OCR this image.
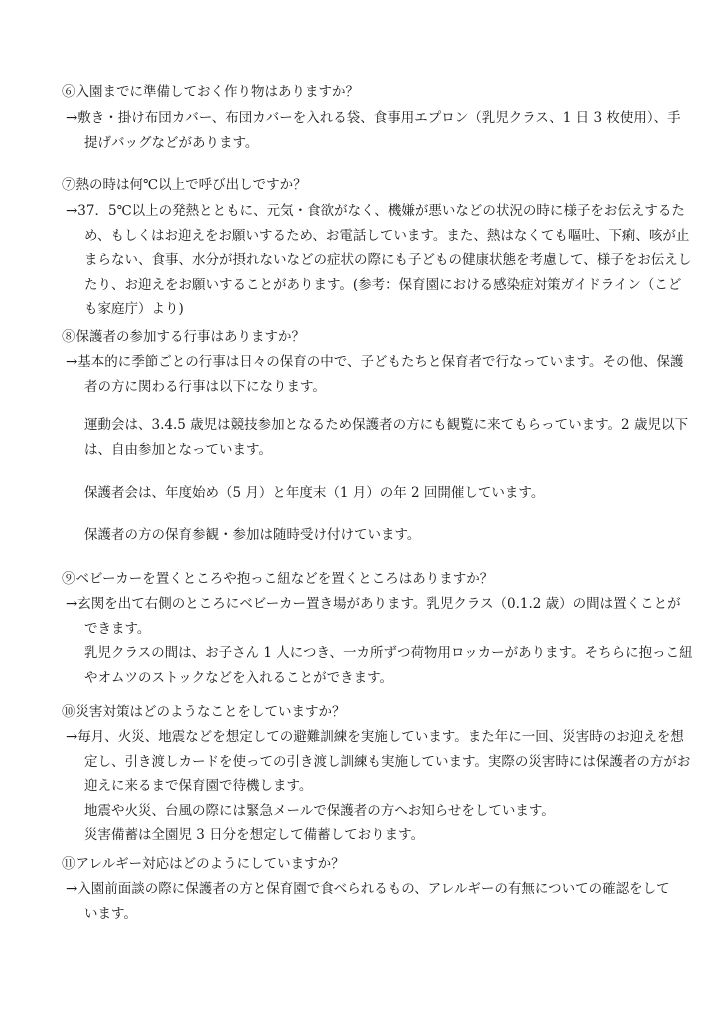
⑥入園までに準備しておく作り物はありますか？
→敷き・掛け布団カバー、布団カバーを入れる袋、食事用エプロン（乳児クラス、1 日 3 枚使用）、手
提げバッグなどがあります。
⑦熱の時は何℃以上で呼び出しですか？
→37．5℃以上の発熱とともに、元気・食欲がなく、機嫌が悪いなどの状況の時に様子をお伝えするた
め、もしくはお迎えをお願いするため、お電話しています。また、熱はなくても嘔吐、下痢、咳が止
まらない、食事、水分が摂れないなどの症状の際にも子どもの健康状態を考慮して、様子をお伝えし
たり、お迎えをお願いすることがあります。(参考：保育園における感染症対策ガイドライン（こど
も家庭庁）より)
⑧保護者の参加する行事はありますか？
→基本的に季節ごとの行事は日々の保育の中で、子どもたちと保育者で行なっています。その他、保護
者の方に関わる行事は以下になります。
運動会は、3.4.5 歳児は競技参加となるため保護者の方にも観覧に来てもらっています。2 歳児以下
は、自由参加となっています。
保護者会は、年度始め（5 月）と年度末（1 月）の年 2 回開催しています。
保護者の方の保育参観・参加は随時受け付けています。
⑨ベビーカーを置くところや抱っこ紐などを置くところはありますか？
→玄関を出て右側のところにベビーカー置き場があります。乳児クラス（0.1.2 歳）の間は置くことが
できます。
乳児クラスの間は、お子さん 1 人につき、一カ所ずつ荷物用ロッカーがあります。そちらに抱っこ紐
やオムツのストックなどを入れることができます。
⑩災害対策はどのようなことをしていますか？
→毎月、火災、地震などを想定しての避難訓練を実施しています。また年に一回、災害時のお迎えを想
定し、引き渡しカードを使っての引き渡し訓練も実施しています。実際の災害時には保護者の方がお
迎えに来るまで保育園で待機します。
地震や火災、台風の際には緊急メールで保護者の方へお知らせをしています。
災害備蓄は全園児 3 日分を想定して備蓄しております。
⑪アレルギー対応はどのようにしていますか？
→入園前面談の際に保護者の方と保育園で食べられるもの、アレルギーの有無についての確認をして
います。
